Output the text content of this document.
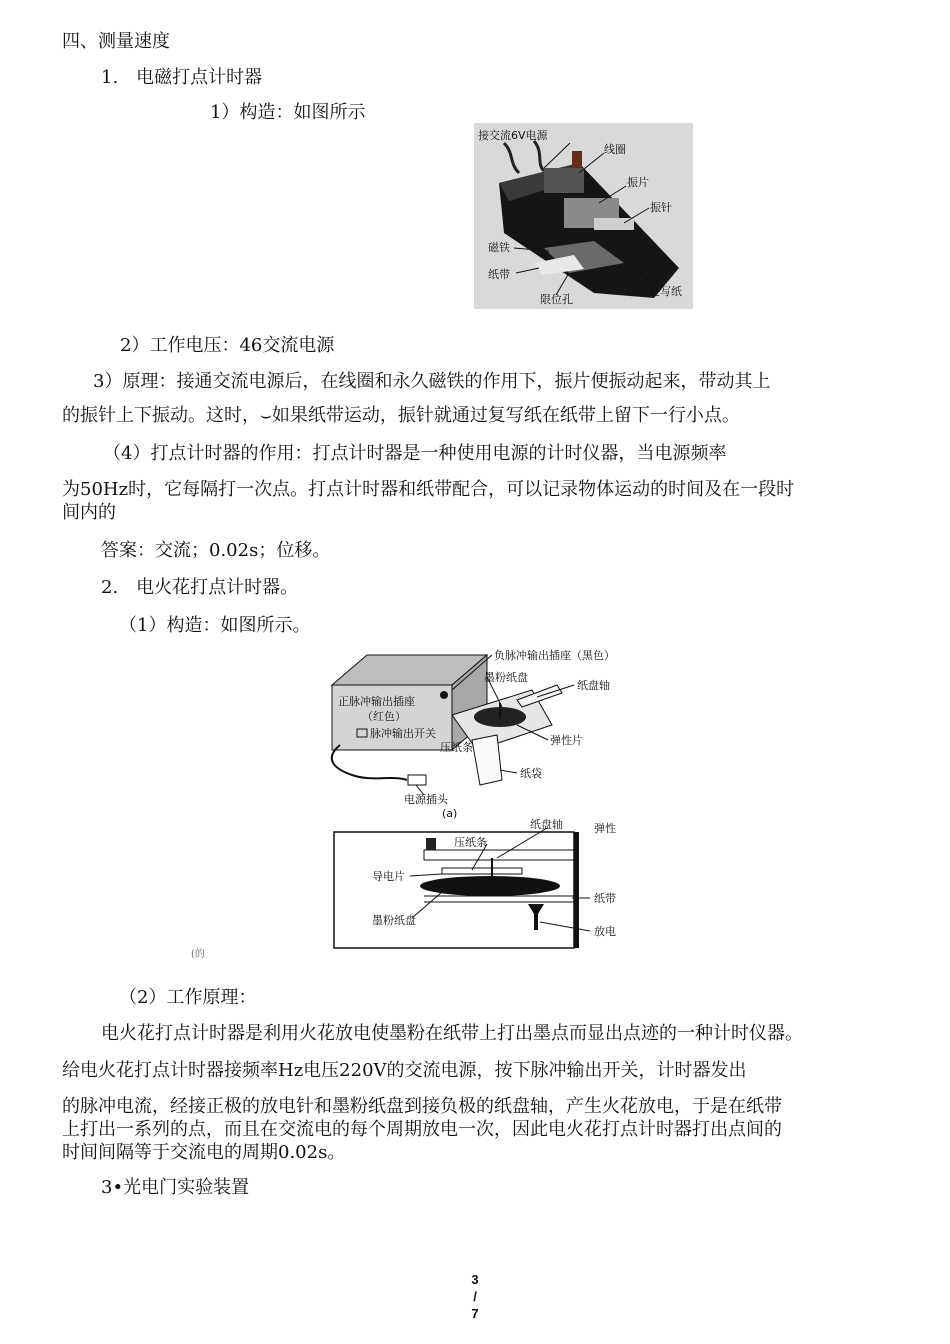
四、测量速度
1.　电磁打点计时器
1）构造：如图所示
接交流6V电源
线圈
振片
振针
磁铁
纸带
限位孔
复写纸
2）工作电压：46交流电源
3）原理：接通交流电源后，在线圈和永久磁铁的作用下，振片便振动起来，带动其上
的振针上下振动。这时，⌣如果纸带运动，振针就通过复写纸在纸带上留下一行小点。
（4）打点计时器的作用：打点计时器是一种使用电源的计时仪器，当电源频率
为50Hz时，它每隔打一次点。打点计时器和纸带配合，可以记录物体运动的时间及在一段时
间内的
答案：交流；0.02s；位移。
2.　电火花打点计时器。
（1）构造：如图所示。
负脉冲输出插座（黑色）
墨粉纸盘
纸盘轴
正脉冲输出插座
（红色）
脉冲输出开关
压纸条
弹性片
纸袋
电源插头
(a)
纸盘轴	弹性
压纸条
导电片
纸带
墨粉纸盘
放电
(的
（2）工作原理：
电火花打点计时器是利用火花放电使墨粉在纸带上打出墨点而显出点迹的一种计时仪器。
给电火花打点计时器接频率Hz电压220V的交流电源，按下脉冲输出开关，计时器发出
的脉冲电流，经接正极的放电针和墨粉纸盘到接负极的纸盘轴，产生火花放电，于是在纸带
上打出一系列的点，而且在交流电的每个周期放电一次，因此电火花打点计时器打出点间的
时间间隔等于交流电的周期0.02s。
3•光电门实验装置
3
/
7
